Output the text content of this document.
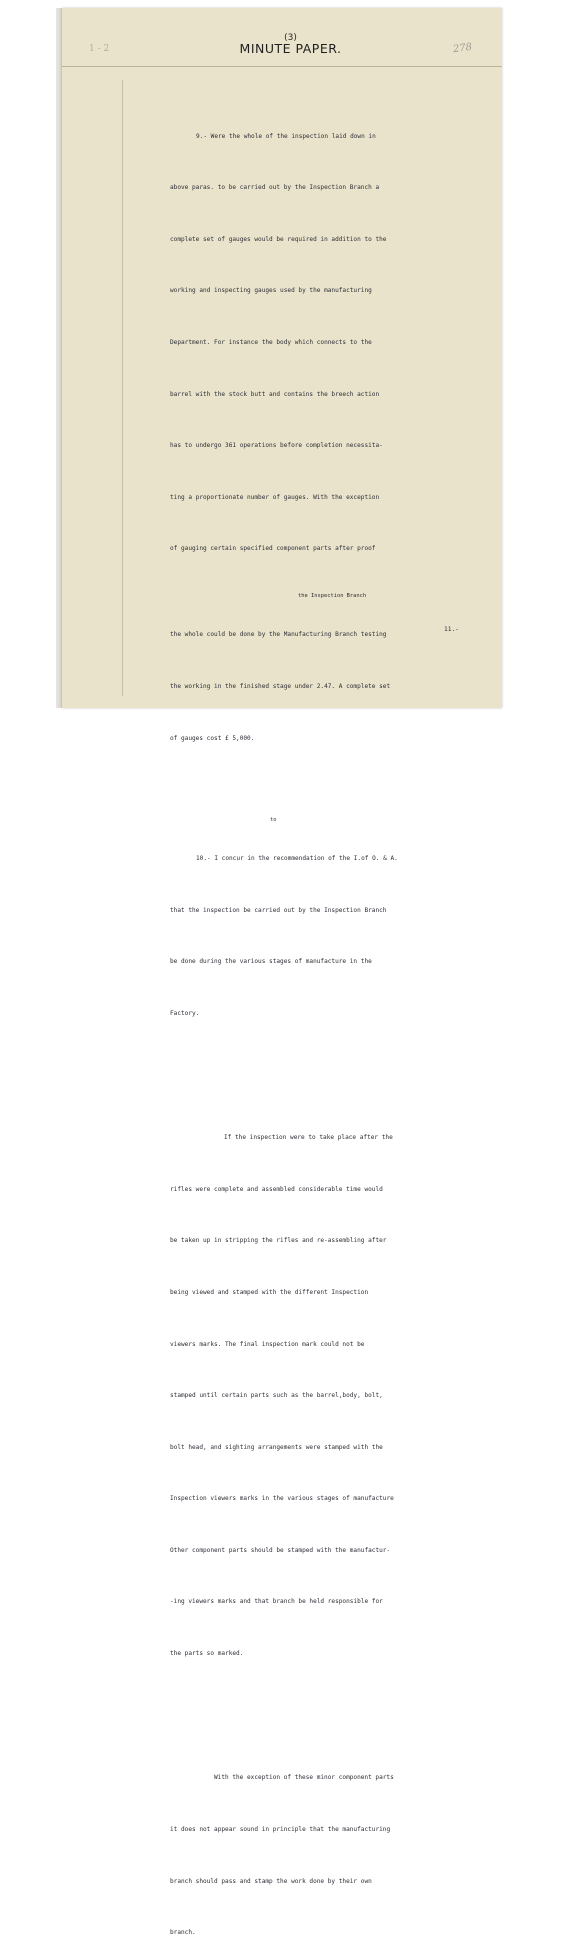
(3)
MINUTE PAPER.
1 - 2	278

9.- Were the whole of the inspection laid down in

above paras. to be carried out by the Inspection Branch a

complete set of gauges would be required in addition to the

working and inspecting gauges used by the manufacturing

Department. For instance the body which connects to the

barrel with the stock butt and contains the breech action

has to undergo 361 operations before completion necessita-

ting a proportionate number of gauges. With the exception

of gauging certain specified component parts after proof

the Inspection Branch

the whole could be done by the Manufacturing Branch testing

the working in the finished stage under 2.47. A complete set

of gauges cost £ 5,000.

to

10.- I concur in the recommendation of the I.of O. & A.

that the inspection be carried out by the Inspection Branch

be done during the various stages of manufacture in the

Factory.

If the inspection were to take place after the

rifles were complete and assembled considerable time would

be taken up in stripping the rifles and re-assembling after

being viewed and stamped with the different Inspection

viewers marks. The final inspection mark could not be

stamped until certain parts such as the barrel,body, bolt,

bolt head, and sighting arrangements were stamped with the

Inspection viewers marks in the various stages of manufacture

Other component parts should be stamped with the manufactur-

-ing viewers marks and that branch be held responsible for

the parts so marked.

With the exception of these minor component parts

it does not appear sound in principle that the manufacturing

branch should pass and stamp the work done by their own

branch.

11.-
